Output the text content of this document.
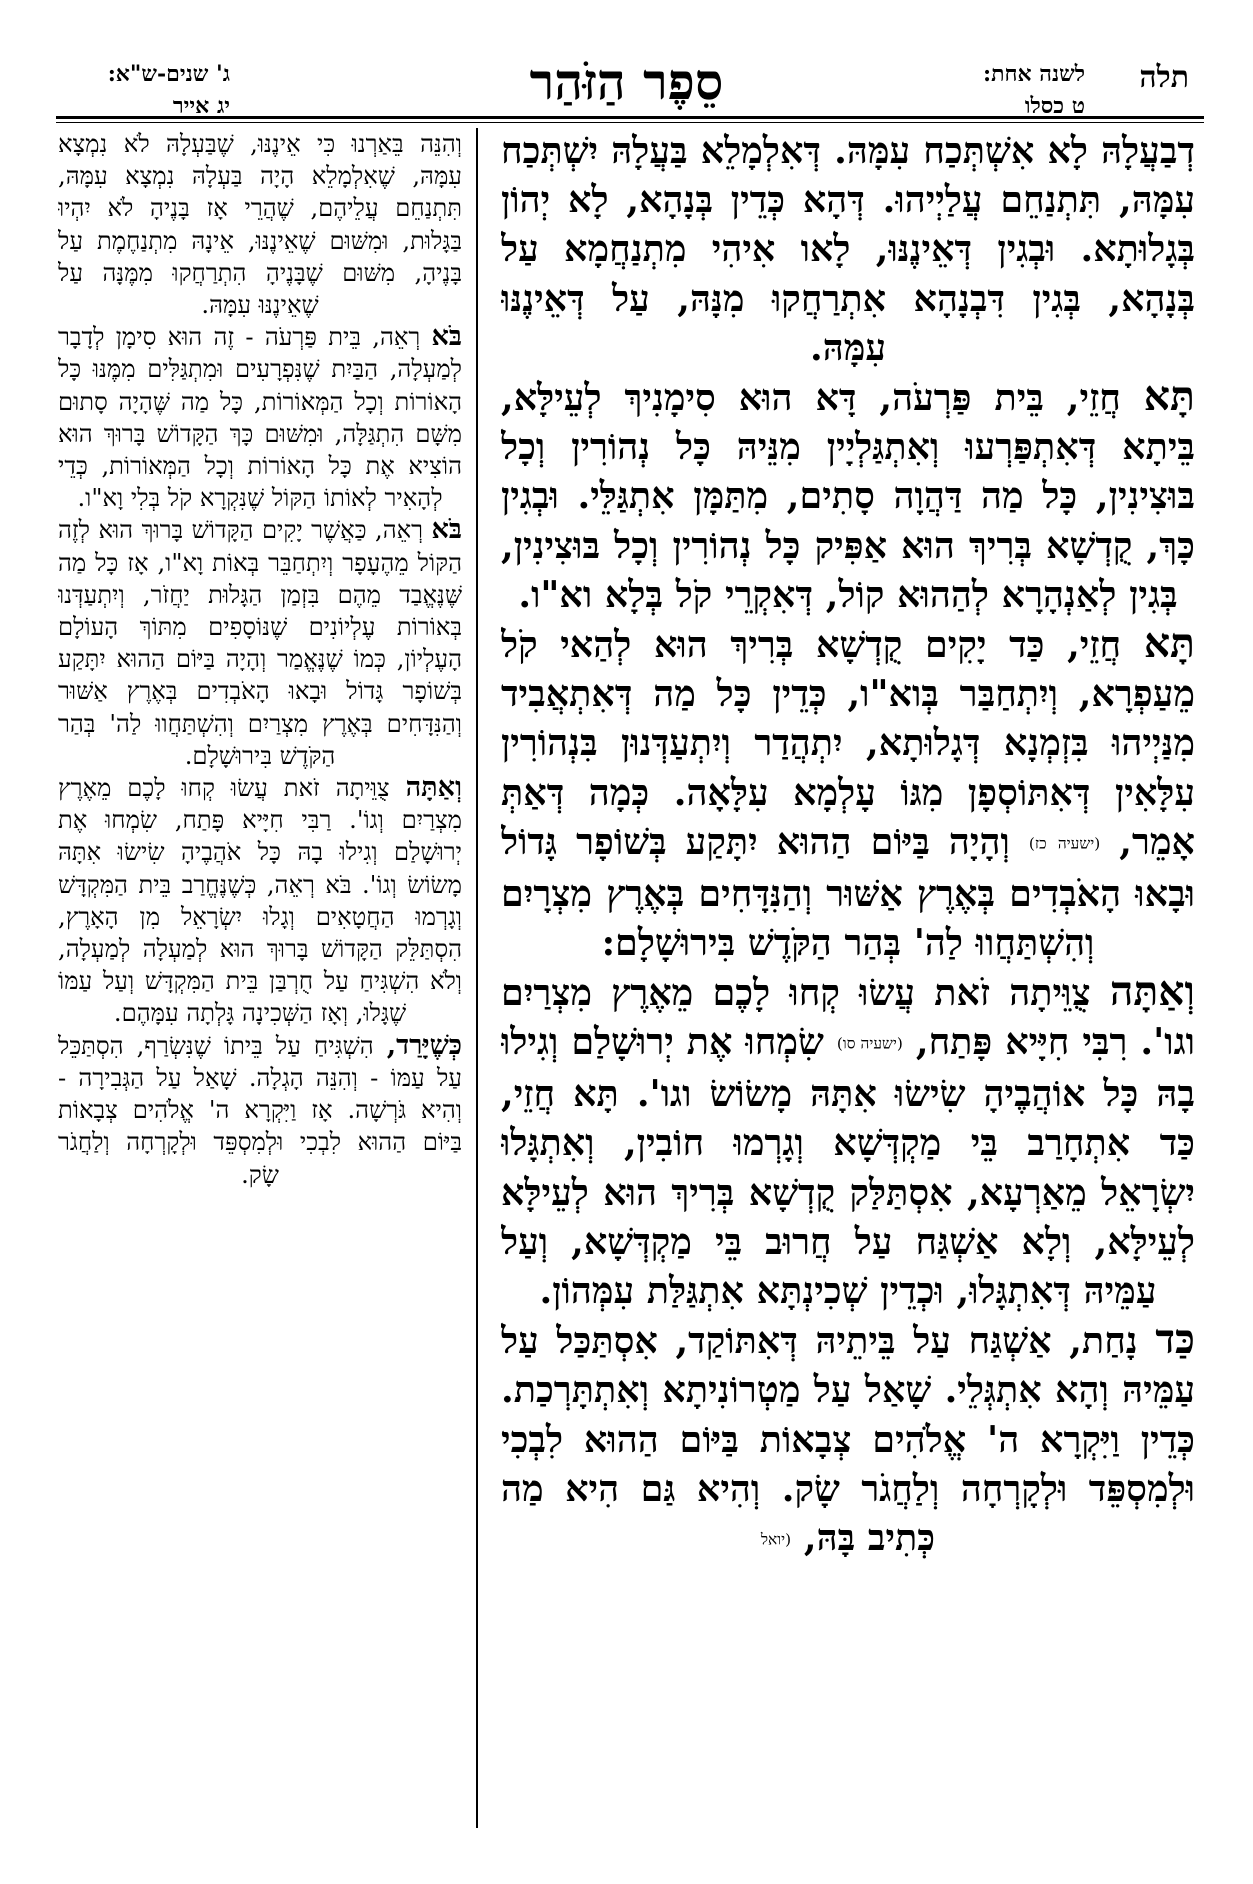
תלה
לשנה אחת:
ט כסלו
סֵפֶר הַזֹּהַר
ג' שנים-ש"א:
יג אייר

דְבַעֲלָהּ לָא אִשְׁתְּכַח עִמָּהּ. דְּאִלְמָלֵא בַּעֲלָהּ יִשְׁתְּכַח עִמָּהּ, תִּתְנַחֵם עֲלַיְיהוּ. דְּהָא כְּדֵין בְּנָהָא, לָא יְהוֹן בְּגָלוּתָא. וּבְגִין דְּאֵינֶנּוּ, לָאו אִיהִי מִתְנַחֲמָא עַל בְּנָהָא, בְּגִין דִּבְנָהָא אִתְרַחֲקוּ מִנָּהּ, עַל דְּאֵינֶנּוּ עִמָּהּ.

תָּא חֲזֵי, בֵּית פַּרְעֹה, דָּא הוּא סִימָנִיךְ לְעֵילָּא, בֵּיתָא דְּאִתְפַּרְעוּ וְאִתְגַּלְיָין מִנֵּיהּ כָּל נְהוֹרִין וְכָל בּוּצִינִין, כָּל מַה דַּהֲוָה סָתִים, מִתַּמָּן אִתְגַּלֵּי. וּבְגִין כָּךְ, קֻדְשָׁא בְּרִיךְ הוּא אַפִּיק כָּל נְהוֹרִין וְכָל בּוּצִינִין, בְּגִין לְאַנְהָרָא לְהַהוּא קוֹל, דְּאִקְרֵי קֹל בְּלָא וא"ו.

תָּא חֲזֵי, כַּד יָקִים קֻדְשָׁא בְּרִיךְ הוּא לְהַאי קֹל מֵעַפְרָא, וְיִתְחַבַּר בְּוא"ו, כְּדֵין כָּל מַה דְּאִתְאֲבִיד מִנַּיְיהוּ בִּזְמְנָא דְּגָלוּתָא, יִתְהֲדַר וְיִתְעַדְּנוּן בִּנְהוֹרִין עִלָּאִין דְּאִתּוֹסְפָן מִגּוֹ עָלְמָא עִלָּאָה. כְּמָה דְּאַתְּ אָמֵר, (ישעיה כז) וְהָיָה בַּיּוֹם הַהוּא יִתָּקַע בְּשׁוֹפָר גָּדוֹל וּבָאוּ הָאֹבְדִים בְּאֶרֶץ אַשּׁוּר וְהַנִּדָּחִים בְּאֶרֶץ מִצְרָיִם וְהִשְׁתַּחֲווּ לַה' בְּהַר הַקֹּדֶשׁ בִּירוּשָׁלָם:

וְאַתָּה צֻוֵּיתָה זֹאת עֲשׂוּ קְחוּ לָכֶם מֵאֶרֶץ מִצְרַיִם וגו'. רִבִּי חִיָּיא פָּתַח, (ישעיה סו) שִׂמְחוּ אֶת יְרוּשָׁלַם וְגִילוּ בָהּ כָּל אוֹהֲבֶיהָ שִׂישׂוּ אִתָּהּ מָשׂוֹשׂ וגו'. תָּא חֲזֵי, כַּד אִתְחָרַב בֵּי מַקְדְּשָׁא וְגָרְמוּ חוֹבִין, וְאִתְגָּלוּ יִשְׂרָאֵל מֵאַרְעָא, אִסְתַּלַּק קֻדְשָׁא בְּרִיךְ הוּא לְעֵילָּא לְעֵילָּא, וְלָא אַשְׁגַּח עַל חֲרוּב בֵּי מַקְדְּשָׁא, וְעַל עַמֵּיהּ דְּאִתְגָּלוּ, וּכְדֵין שְׁכִינְתָּא אִתְגַּלַּת עִמְּהוֹן.

כַּד נָחַת, אַשְׁגַּח עַל בֵּיתֵיהּ דְּאִתּוֹקַד, אִסְתַּכַּל עַל עַמֵּיהּ וְהָא אִתְגְּלֵי. שָׁאַל עַל מַטְרוֹנִיתָא וְאִתְתָּרְכַת. כְּדֵין וַיִּקְרָא ה' אֱלֹהִים צְבָאוֹת בַּיּוֹם הַהוּא לִבְכִי וּלְמִסְפֵּד וּלְקָרְחָה וְלַחֲגֹר שָׂק. וְהִיא גַּם הִיא מַה כְּתִיב בָּהּ, (יואל

וְהִנֵּה בֵּאַרְנוּ כִּי אֵינֶנּוּ, שֶׁבַּעְלָהּ לֹא נִמְצָא עִמָּהּ, שֶׁאִלְמָלֵא הָיָה בַּעְלָהּ נִמְצָא עִמָּהּ, תִּתְנַחֵם עֲלֵיהֶם, שֶׁהֲרֵי אָז בָּנֶיהָ לֹא יִהְיוּ בַּגָּלוּת, וּמִשּׁוּם שֶׁאֵינֶנּוּ, אֵינָהּ מִתְנַחֶמֶת עַל בָּנֶיהָ, מִשּׁוּם שֶׁבָּנֶיהָ הִתְרַחֲקוּ מִמֶּנָּה עַל שֶׁאֵינֶנּוּ עִמָּהּ.

בֹּא רְאֵה, בֵּית פַּרְעֹה - זֶה הוּא סִימָן לְדָבָר לְמַעְלָה, הַבַּיִת שֶׁנִּפְרָעִים וּמִתְגַּלִּים מִמֶּנּוּ כָּל הָאוֹרוֹת וְכָל הַמְּאוֹרוֹת, כָּל מַה שֶּׁהָיָה סָתוּם מִשָּׁם הִתְגַּלָּה, וּמִשּׁוּם כָּךְ הַקָּדוֹשׁ בָּרוּךְ הוּא הוֹצִיא אֶת כָּל הָאוֹרוֹת וְכָל הַמְּאוֹרוֹת, כְּדֵי לְהָאִיר לְאוֹתוֹ הַקּוֹל שֶׁנִּקְרָא קֹל בְּלִי וָא"ו.

בֹּא רְאֵה, כַּאֲשֶׁר יָקִים הַקָּדוֹשׁ בָּרוּךְ הוּא לְזֶה הַקּוֹל מֵהֶעָפָר וְיִתְחַבֵּר בְּאוֹת וָא"ו, אָז כָּל מַה שֶּׁנֶּאֱבַד מֵהֶם בִּזְמַן הַגָּלוּת יַחֲזֹר, וְיִתְעַדְּנוּ בְּאוֹרוֹת עֶלְיוֹנִים שֶׁנּוֹסָפִים מִתּוֹךְ הָעוֹלָם הָעֶלְיוֹן, כְּמוֹ שֶׁנֶּאֱמַר וְהָיָה בַּיּוֹם הַהוּא יִתָּקַע בְּשׁוֹפָר גָּדוֹל וּבָאוּ הָאֹבְדִים בְּאֶרֶץ אַשּׁוּר וְהַנִּדָּחִים בְּאֶרֶץ מִצְרַיִם וְהִשְׁתַּחֲווּ לַה' בְּהַר הַקֹּדֶשׁ בִּירוּשָׁלָם.

וְאַתָּה צֻוֵּיתָה זֹאת עֲשׂוּ קְחוּ לָכֶם מֵאֶרֶץ מִצְרַיִם וְגוֹ'. רַבִּי חִיָּיא פָּתַח, שִׂמְחוּ אֶת יְרוּשָׁלַם וְגִילוּ בָהּ כָּל אֹהֲבֶיהָ שִׂישׂוּ אִתָּהּ מָשׂוֹשׂ וְגוֹ'. בֹּא רְאֵה, כְּשֶׁנֶּחֱרַב בֵּית הַמִּקְדָּשׁ וְגָרְמוּ הַחֲטָאִים וְגָלוּ יִשְׂרָאֵל מִן הָאָרֶץ, הִסְתַּלֵּק הַקָּדוֹשׁ בָּרוּךְ הוּא לְמַעְלָה לְמַעְלָה, וְלֹא הִשְׁגִּיחַ עַל חֻרְבַּן בֵּית הַמִּקְדָּשׁ וְעַל עַמּוֹ שֶׁגָּלוּ, וְאָז הַשְּׁכִינָה גָּלְתָה עִמָּהֶם.

כְּשֶׁיָּרַד, הִשְׁגִּיחַ עַל בֵּיתוֹ שֶׁנִּשְׂרַף, הִסְתַּכֵּל עַל עַמּוֹ - וְהִנֵּה הָגְלָה. שָׁאַל עַל הַגְּבִירָה - וְהִיא גֹּרְשָׁה. אָז וַיִּקְרָא ה' אֱלֹהִים צְבָאוֹת בַּיּוֹם הַהוּא לִבְכִי וּלְמִסְפֵּד וּלְקָרְחָה וְלַחֲגֹר שָׂק.
